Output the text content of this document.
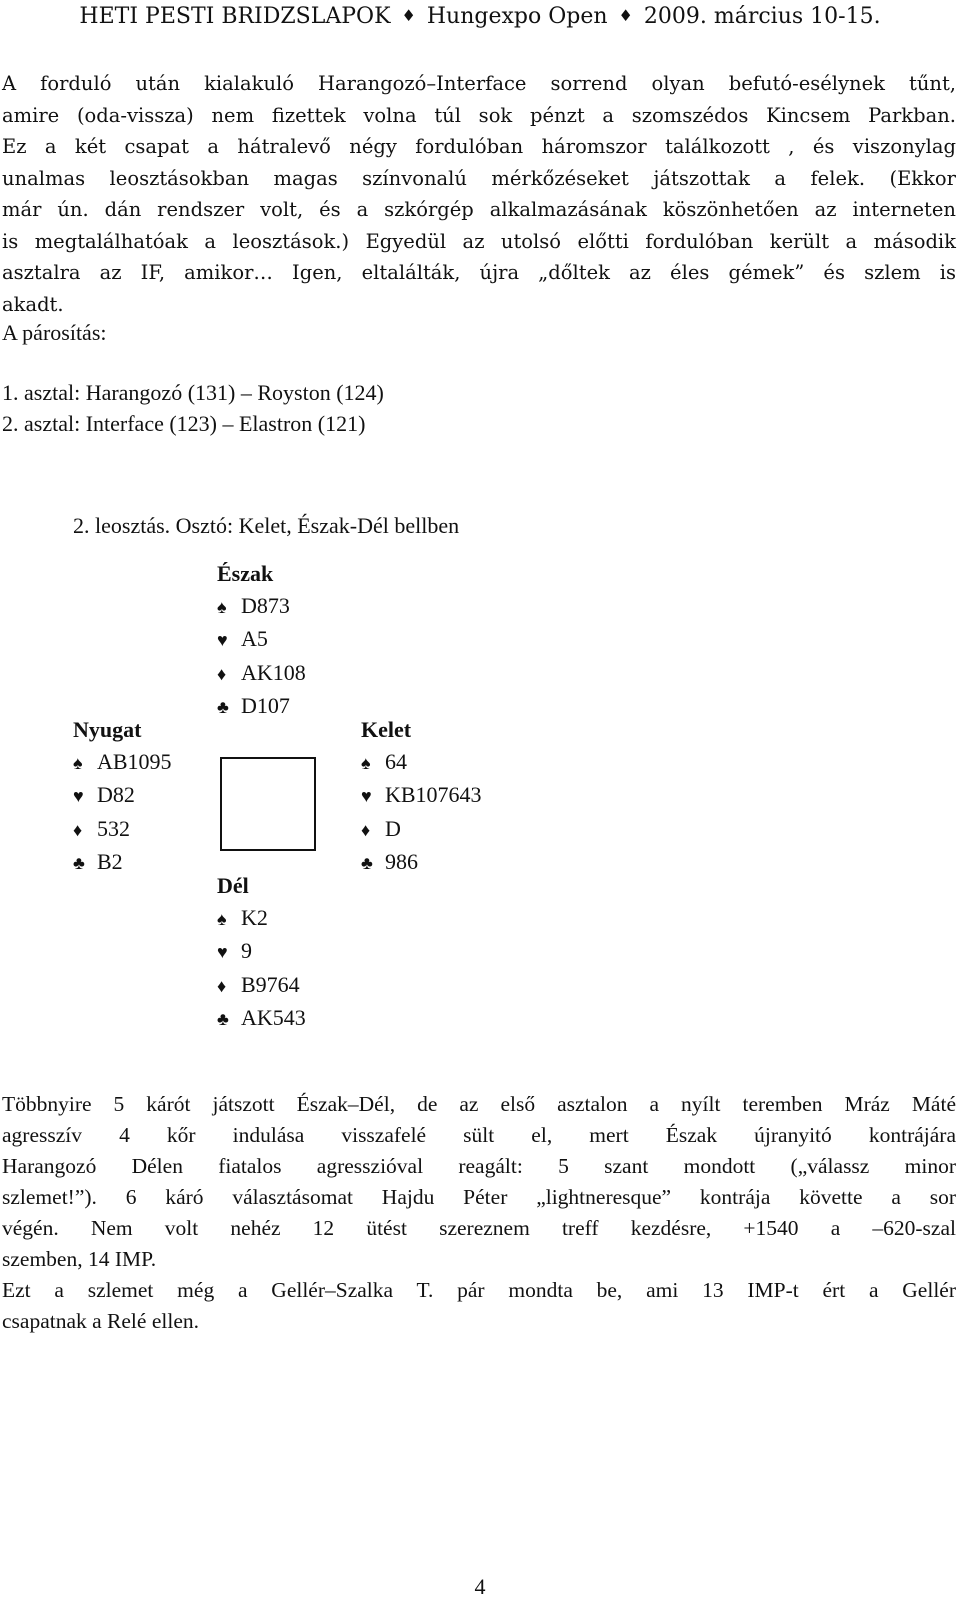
HETI PESTI BRIDZSLAPOK ♦ Hungexpo Open ♦ 2009. március 10-15.
A forduló után kialakuló Harangozó–Interface sorrend olyan befutó-esélynek tűnt,
amire (oda-vissza) nem fizettek volna túl sok pénzt a szomszédos Kincsem Parkban.
Ez a két csapat a hátralevő négy fordulóban háromszor találkozott , és viszonylag
unalmas leosztásokban magas színvonalú mérkőzéseket játszottak a felek. (Ekkor
már ún. dán rendszer volt, és a szkórgép alkalmazásának köszönhetően az interneten
is megtalálhatóak a leosztások.) Egyedül az utolsó előtti fordulóban került a második
asztalra az IF, amikor… Igen, eltalálták, újra „dőltek az éles gémek” és szlem is
akadt.
A párosítás:
1. asztal: Harangozó (131) – Royston (124)
2. asztal: Interface (123) – Elastron (121)
2. leosztás. Osztó: Kelet, Észak-Dél bellben
Észak
♠ D873
♥ A5
♦ AK108
♣ D107
Nyugat
♠ AB1095
♥ D82
♦ 532
♣ B2
Kelet
♠ 64
♥ KB107643
♦ D
♣ 986
Dél
♠ K2
♥ 9
♦ B9764
♣ AK543
Többnyire 5 kárót játszott Észak–Dél, de az első asztalon a nyílt teremben Mráz Máté
agresszív 4 kőr indulása visszafelé sült el, mert Észak újranyitó kontrájára
Harangozó Délen fiatalos agresszióval reagált: 5 szant mondott („válassz minor
szlemet!”). 6 káró választásomat Hajdu Péter „lightneresque” kontrája követte a sor
végén. Nem volt nehéz 12 ütést szereznem treff kezdésre, +1540 a –620-szal
szemben, 14 IMP.
Ezt a szlemet még a Gellér–Szalka T. pár mondta be, ami 13 IMP-t ért a Gellér
csapatnak a Relé ellen.
4
